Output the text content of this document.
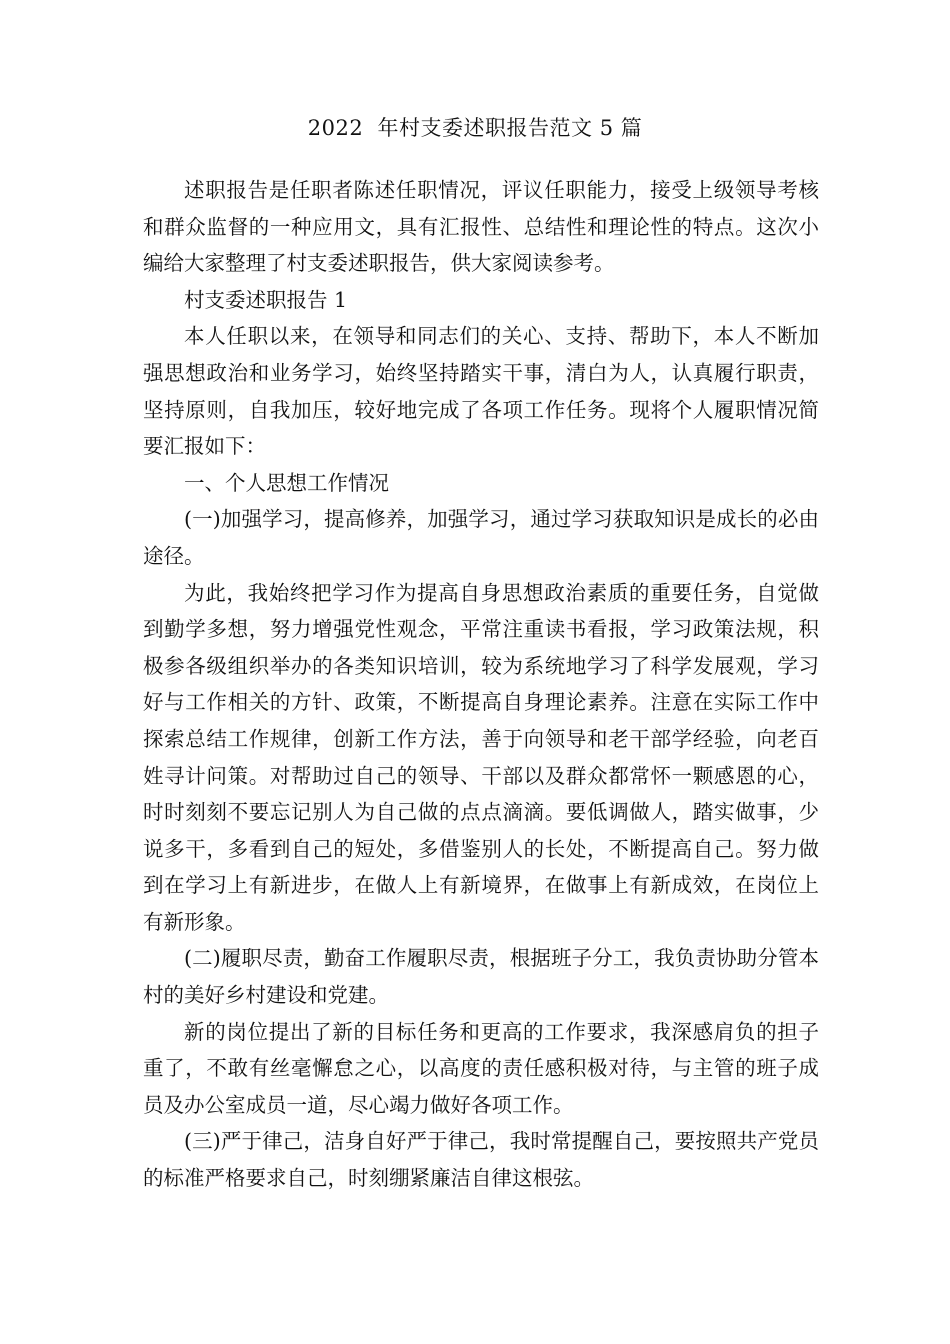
2022  年村支委述职报告范文 5 篇

述职报告是任职者陈述任职情况，评议任职能力，接受上级领导考核和群众监督的一种应用文，具有汇报性、总结性和理论性的特点。这次小编给大家整理了村支委述职报告，供大家阅读参考。

村支委述职报告 1

本人任职以来，在领导和同志们的关心、支持、帮助下，本人不断加强思想政治和业务学习，始终坚持踏实干事，清白为人，认真履行职责，坚持原则，自我加压，较好地完成了各项工作任务。现将个人履职情况简要汇报如下：

一、个人思想工作情况

(一)加强学习，提高修养，加强学习，通过学习获取知识是成长的必由途径。

为此，我始终把学习作为提高自身思想政治素质的重要任务，自觉做到勤学多想，努力增强党性观念，平常注重读书看报，学习政策法规，积极参各级组织举办的各类知识培训，较为系统地学习了科学发展观，学习好与工作相关的方针、政策，不断提高自身理论素养。注意在实际工作中探索总结工作规律，创新工作方法，善于向领导和老干部学经验，向老百姓寻计问策。对帮助过自己的领导、干部以及群众都常怀一颗感恩的心，时时刻刻不要忘记别人为自己做的点点滴滴。要低调做人，踏实做事，少说多干，多看到自己的短处，多借鉴别人的长处，不断提高自己。努力做到在学习上有新进步，在做人上有新境界，在做事上有新成效，在岗位上有新形象。

(二)履职尽责，勤奋工作履职尽责，根据班子分工，我负责协助分管本村的美好乡村建设和党建。

新的岗位提出了新的目标任务和更高的工作要求，我深感肩负的担子重了，不敢有丝毫懈怠之心，以高度的责任感积极对待，与主管的班子成员及办公室成员一道，尽心竭力做好各项工作。

(三)严于律己，洁身自好严于律己，我时常提醒自己，要按照共产党员的标准严格要求自己，时刻绷紧廉洁自律这根弦。
